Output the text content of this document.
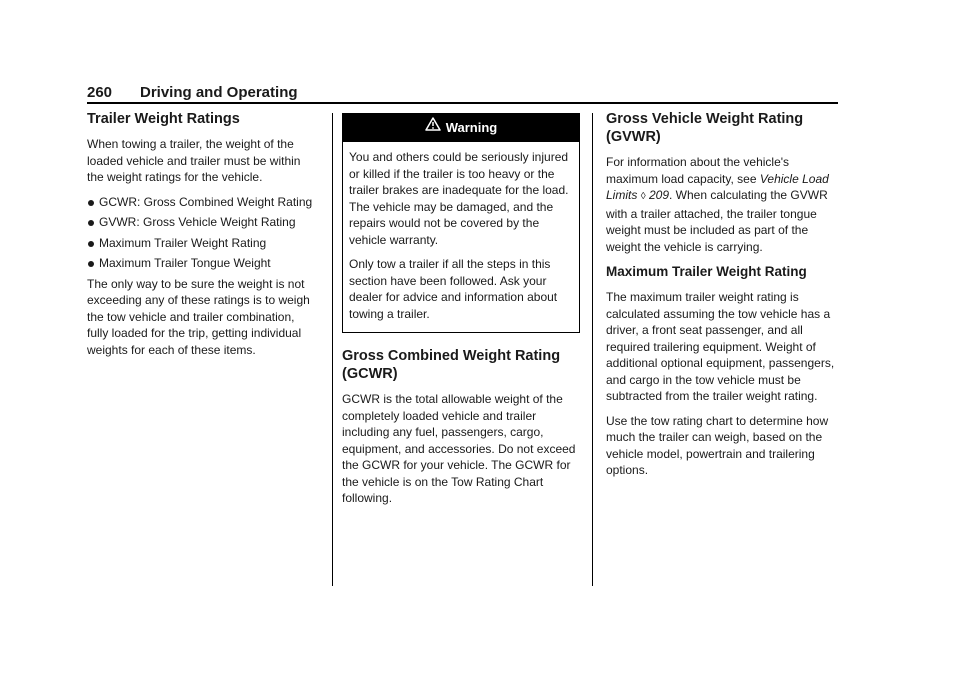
260 Driving and Operating
Trailer Weight Ratings

When towing a trailer, the weight of the loaded vehicle and trailer must be within the weight ratings for the vehicle.

GCWR: Gross Combined Weight Rating
GVWR: Gross Vehicle Weight Rating
Maximum Trailer Weight Rating
Maximum Trailer Tongue Weight

The only way to be sure the weight is not exceeding any of these ratings is to weigh the tow vehicle and trailer combination, fully loaded for the trip, getting individual weights for each of these items.

Warning

You and others could be seriously injured or killed if the trailer is too heavy or the trailer brakes are inadequate for the load. The vehicle may be damaged, and the repairs would not be covered by the vehicle warranty.

Only tow a trailer if all the steps in this section have been followed. Ask your dealer for advice and information about towing a trailer.

Gross Combined Weight Rating (GCWR)

GCWR is the total allowable weight of the completely loaded vehicle and trailer including any fuel, passengers, cargo, equipment, and accessories. Do not exceed the GCWR for your vehicle. The GCWR for the vehicle is on the Tow Rating Chart following.

Gross Vehicle Weight Rating (GVWR)

For information about the vehicle's maximum load capacity, see Vehicle Load Limits ◊ 209. When calculating the GVWR with a trailer attached, the trailer tongue weight must be included as part of the weight the vehicle is carrying.

Maximum Trailer Weight Rating

The maximum trailer weight rating is calculated assuming the tow vehicle has a driver, a front seat passenger, and all required trailering equipment. Weight of additional optional equipment, passengers, and cargo in the tow vehicle must be subtracted from the trailer weight rating.

Use the tow rating chart to determine how much the trailer can weigh, based on the vehicle model, powertrain and trailering options.
